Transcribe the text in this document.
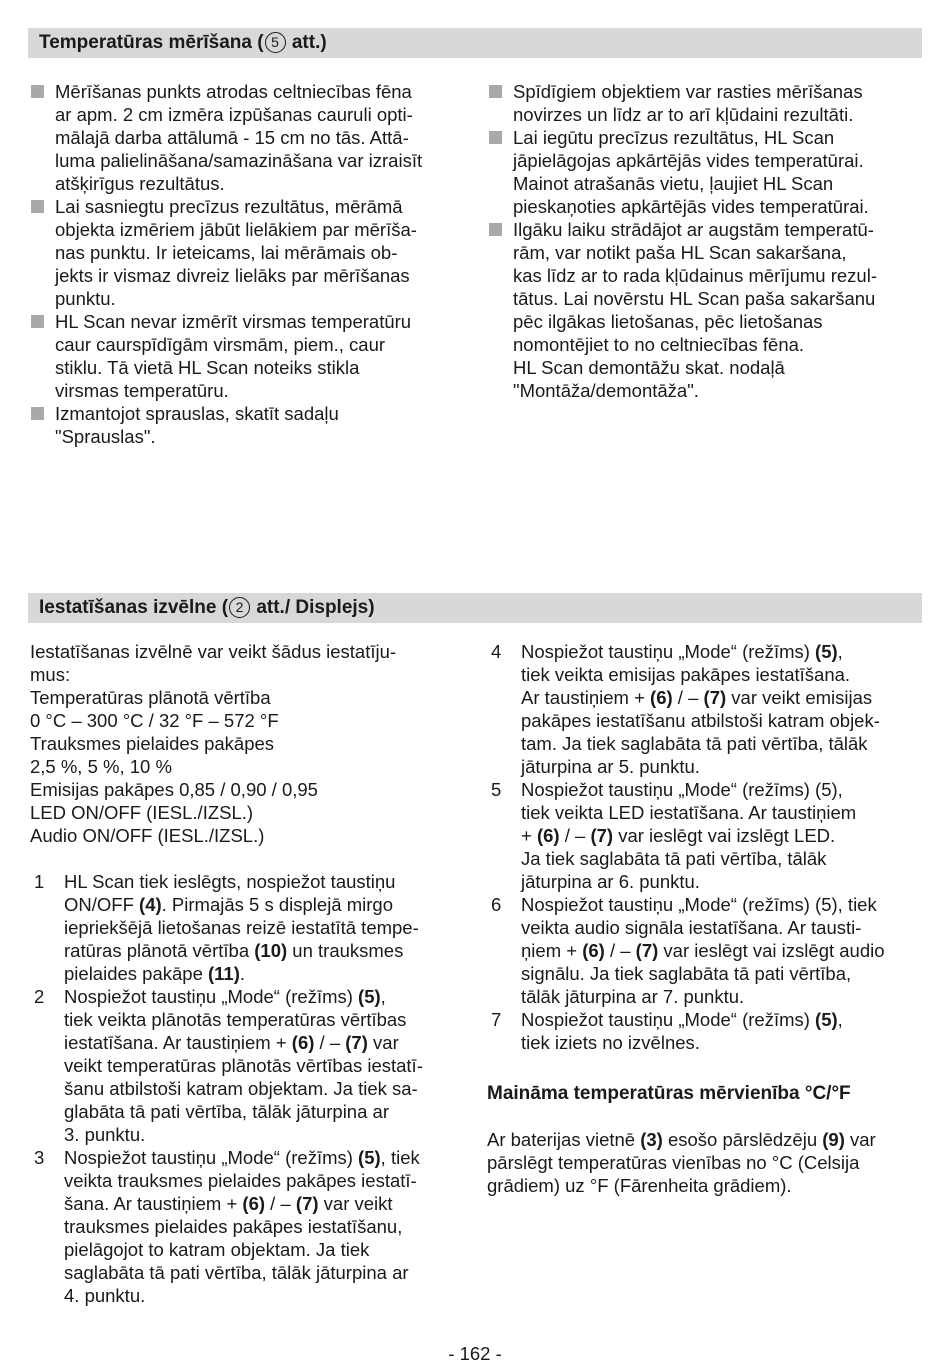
Temperatūras mērīšana ( 5 att.)
Mērīšanas punkts atrodas celtniecības fēna
ar apm. 2 cm izmēra izpūšanas cauruli opti-
mālajā darba attālumā - 15 cm no tās. Attā-
luma palielināšana/samazināšana var izraisīt
atšķirīgus rezultātus.
Lai sasniegtu precīzus rezultātus, mērāmā
objekta izmēriem jābūt lielākiem par mērīša-
nas punktu. Ir ieteicams, lai mērāmais ob-
jekts ir vismaz divreiz lielāks par mērīšanas
punktu.
HL Scan nevar izmērīt virsmas temperatūru
caur caurspīdīgām virsmām, piem., caur
stiklu. Tā vietā HL Scan noteiks stikla
virsmas temperatūru.
Izmantojot sprauslas, skatīt sadaļu
"Sprauslas".
Spīdīgiem objektiem var rasties mērīšanas
novirzes un līdz ar to arī kļūdaini rezultāti.
Lai iegūtu precīzus rezultātus, HL Scan
jāpielāgojas apkārtējās vides temperatūrai.
Mainot atrašanās vietu, ļaujiet HL Scan
pieskaņoties apkārtējās vides temperatūrai.
Ilgāku laiku strādājot ar augstām temperatū-
rām, var notikt paša HL Scan sakaršana,
kas līdz ar to rada kļūdainus mērījumu rezul-
tātus. Lai novērstu HL Scan paša sakaršanu
pēc ilgākas lietošanas, pēc lietošanas
nomontējiet to no celtniecības fēna.
HL Scan demontāžu skat. nodaļā
"Montāža/demontāža".
Iestatīšanas izvēlne ( 2 att./ Displejs)
Iestatīšanas izvēlnē var veikt šādus iestatīju-
mus:
Temperatūras plānotā vērtība
0 °C – 300 °C / 32 °F – 572 °F
Trauksmes pielaides pakāpes
2,5 %, 5 %, 10 %
Emisijas pakāpes 0,85 / 0,90 / 0,95
LED ON/OFF (IESL./IZSL.)
Audio ON/OFF (IESL./IZSL.)
1 HL Scan tiek ieslēgts, nospiežot taustiņu
ON/OFF (4). Pirmajās 5 s displejā mirgo
iepriekšējā lietošanas reizē iestatītā tempe-
ratūras plānotā vērtība (10) un trauksmes
pielaides pakāpe (11).
2 Nospiežot taustiņu „Mode“ (režīms) (5),
tiek veikta plānotās temperatūras vērtības
iestatīšana. Ar taustiņiem + (6) / – (7) var
veikt temperatūras plānotās vērtības iestatī-
šanu atbilstoši katram objektam. Ja tiek sa-
glabāta tā pati vērtība, tālāk jāturpina ar
3. punktu.
3 Nospiežot taustiņu „Mode“ (režīms) (5), tiek
veikta trauksmes pielaides pakāpes iestatī-
šana. Ar taustiņiem + (6) / – (7) var veikt
trauksmes pielaides pakāpes iestatīšanu,
pielāgojot to katram objektam. Ja tiek
saglabāta tā pati vērtība, tālāk jāturpina ar
4. punktu.
4 Nospiežot taustiņu „Mode“ (režīms) (5),
tiek veikta emisijas pakāpes iestatīšana.
Ar taustiņiem + (6) / – (7) var veikt emisijas
pakāpes iestatīšanu atbilstoši katram objek-
tam. Ja tiek saglabāta tā pati vērtība, tālāk
jāturpina ar 5. punktu.
5 Nospiežot taustiņu „Mode“ (režīms) (5),
tiek veikta LED iestatīšana. Ar taustiņiem
+ (6) / – (7) var ieslēgt vai izslēgt LED.
Ja tiek saglabāta tā pati vērtība, tālāk
jāturpina ar 6. punktu.
6 Nospiežot taustiņu „Mode“ (režīms) (5), tiek
veikta audio signāla iestatīšana. Ar tausti-
ņiem + (6) / – (7) var ieslēgt vai izslēgt audio
signālu. Ja tiek saglabāta tā pati vērtība,
tālāk jāturpina ar 7. punktu.
7 Nospiežot taustiņu „Mode“ (režīms) (5),
tiek iziets no izvēlnes.
Maināma temperatūras mērvienība °C/°F
Ar baterijas vietnē (3) esošo pārslēdzēju (9) var
pārslēgt temperatūras vienības no °C (Celsija
grādiem) uz °F (Fārenheita grādiem).
- 162 -
